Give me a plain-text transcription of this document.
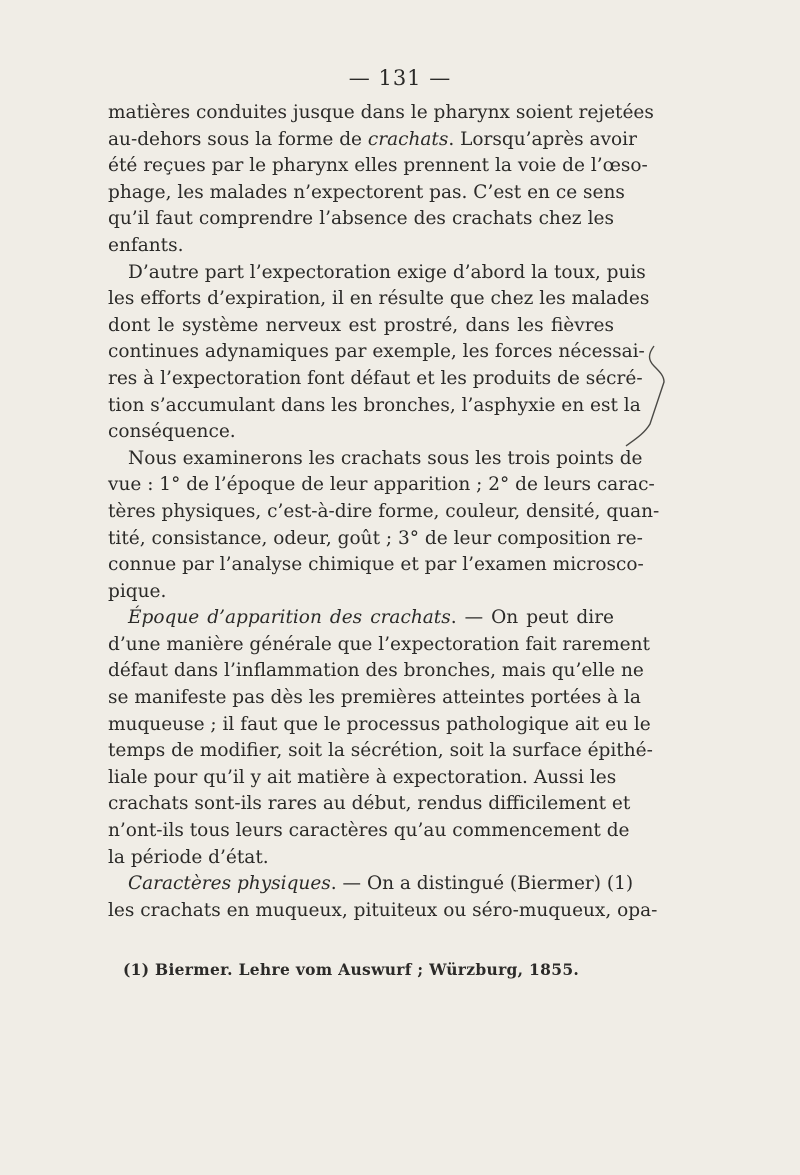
— 131 —
matières conduites jusque dans le pharynx soient rejetées
au-dehors sous la forme de crachats. Lorsqu’après avoir
été reçues par le pharynx elles prennent la voie de l’œso-
phage, les malades n’expectorent pas. C’est en ce sens
qu’il faut comprendre l’absence des crachats chez les
enfants.
D’autre part l’expectoration exige d’abord la toux, puis
les efforts d’expiration, il en résulte que chez les malades
dont le système nerveux est prostré, dans les fièvres
continues adynamiques par exemple, les forces nécessai-
res à l’expectoration font défaut et les produits de sécré-
tion s’accumulant dans les bronches, l’asphyxie en est la
conséquence.
Nous examinerons les crachats sous les trois points de
vue : 1° de l’époque de leur apparition ; 2° de leurs carac-
tères physiques, c’est-à-dire forme, couleur, densité, quan-
tité, consistance, odeur, goût ; 3° de leur composition re-
connue par l’analyse chimique et par l’examen microsco-
pique.
Époque d’apparition des crachats. — On peut dire
d’une manière générale que l’expectoration fait rarement
défaut dans l’inflammation des bronches, mais qu’elle ne
se manifeste pas dès les premières atteintes portées à la
muqueuse ; il faut que le processus pathologique ait eu le
temps de modifier, soit la sécrétion, soit la surface épithé-
liale pour qu’il y ait matière à expectoration. Aussi les
crachats sont-ils rares au début, rendus difficilement et
n’ont-ils tous leurs caractères qu’au commencement de
la période d’état.
Caractères physiques. — On a distingué (Biermer) (1)
les crachats en muqueux, pituiteux ou séro-muqueux, opa-
(1) Biermer. Lehre vom Auswurf ; Würzburg, 1855.
